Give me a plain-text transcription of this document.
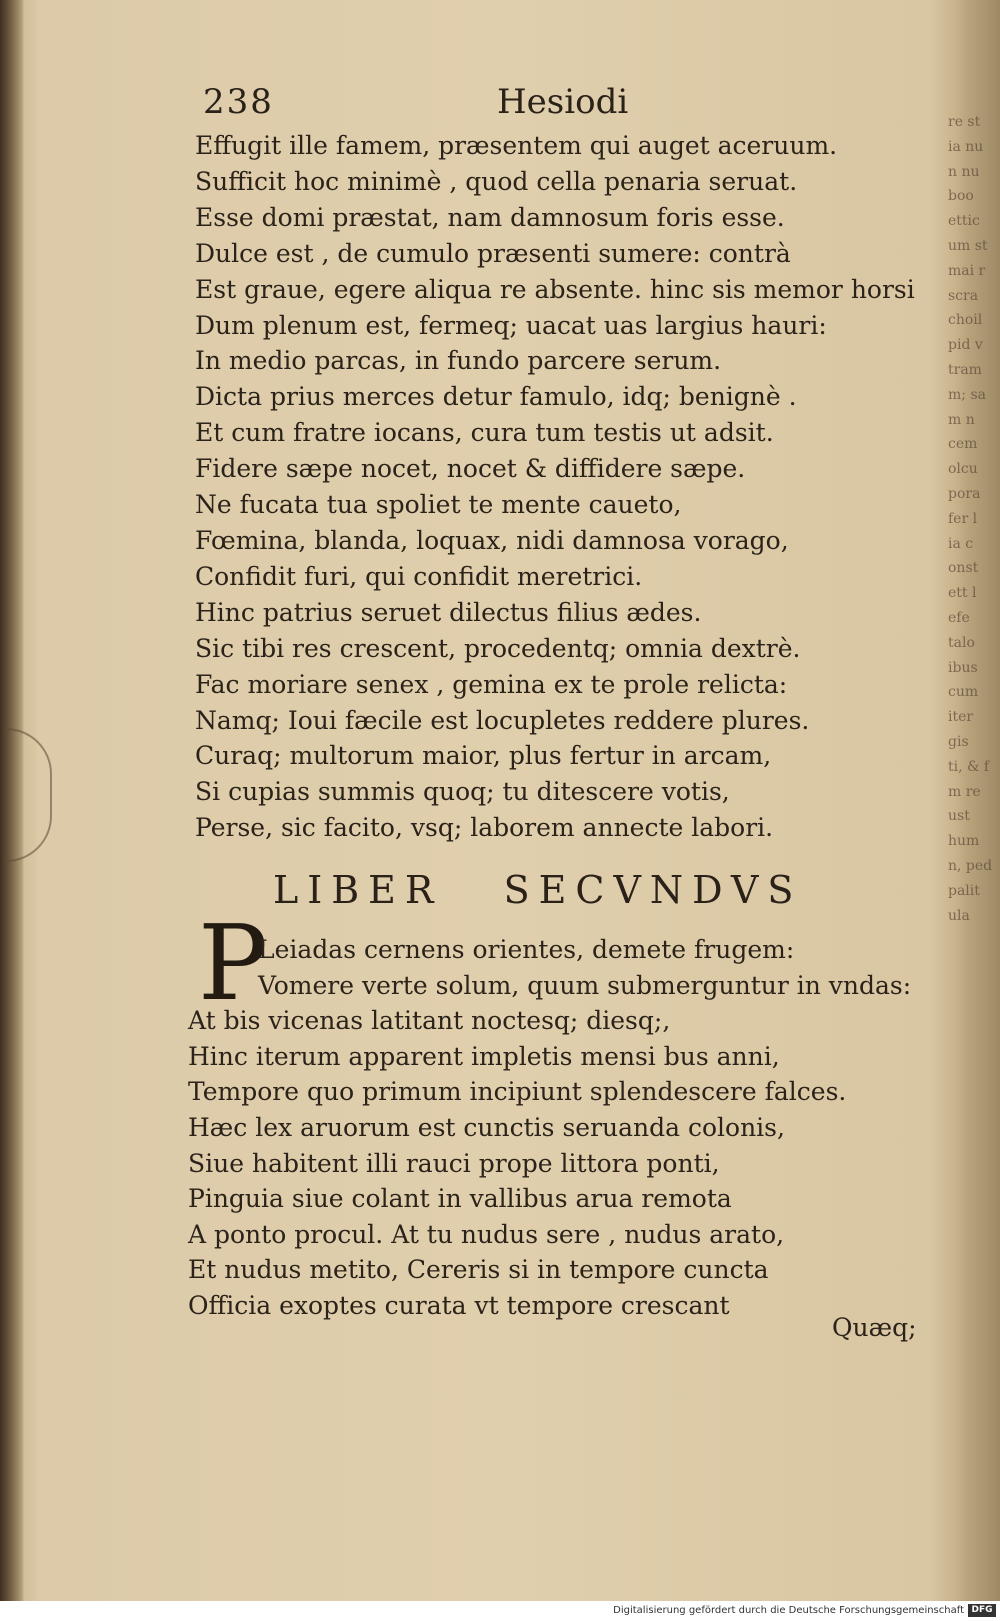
re st
ia nu
n nu
boo
ettic
um st
mai r
scra
choil
pid v
tram
m; sa
m n
cem
olcu
pora
fer l
ia c
onst
ett l
efe
talo
ibus
cum
iter
gis
ti, & f
m re
ust
hum
n, ped
palit
ula
238	Hesiodi
Effugit ille famem, præsentem qui auget aceruum.
Sufficit hoc minimè , quod cella penaria seruat.
Esse domi præstat, nam damnosum foris esse.
Dulce est , de cumulo præsenti sumere: contrà
Est graue, egere aliqua re absente. hinc sis memor horsi
Dum plenum est, fermeq; uacat uas largius hauri:
In medio parcas, in fundo parcere serum.
Dicta prius merces detur famulo, idq; benignè .
Et cum fratre iocans, cura tum testis ut adsit.
Fidere sæpe nocet, nocet & diffidere sæpe.
Ne fucata tua spoliet te mente caueto,
Fœmina, blanda, loquax, nidi damnosa vorago,
Confidit furi, qui confidit meretrici.
Hinc patrius seruet dilectus filius ædes.
Sic tibi res crescent, procedentq; omnia dextrè.
Fac moriare senex , gemina ex te prole relicta:
Namq; Ioui fæcile est locupletes reddere plures.
Curaq; multorum maior, plus fertur in arcam,
Si cupias summis quoq; tu ditescere votis,
Perse, sic facito, vsq; laborem annecte labori.
LIBER SECVNDVS
P
Leiadas cernens orientes, demete frugem:
Vomere verte solum, quum submerguntur in vndas:
At bis vicenas latitant noctesq; diesq;,
Hinc iterum apparent impletis mensi bus anni,
Tempore quo primum incipiunt splendescere falces.
Hæc lex aruorum est cunctis seruanda colonis,
Siue habitent illi rauci prope littora ponti,
Pinguia siue colant in vallibus arua remota
A ponto procul. At tu nudus sere , nudus arato,
Et nudus metito, Cereris si in tempore cuncta
Officia exoptes curata vt tempore crescant
Quæq;
Digitalisierung gefördert durch die Deutsche Forschungsgemeinschaft DFG
